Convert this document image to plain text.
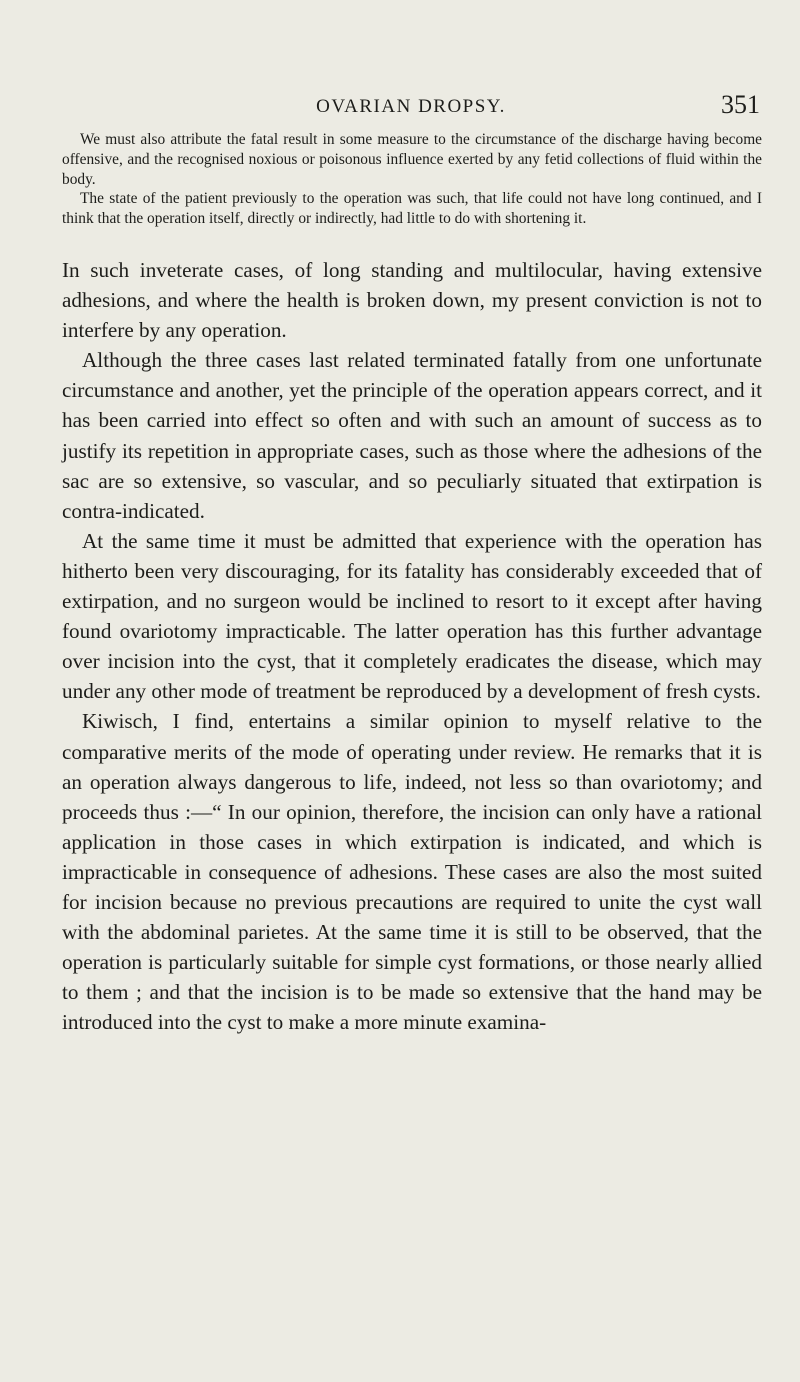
OVARIAN DROPSY.	351

We must also attribute the fatal result in some measure to the circumstance of the discharge having become offensive, and the recognised noxious or poisonous influence exerted by any fetid collections of fluid within the body.

The state of the patient previously to the operation was such, that life could not have long continued, and I think that the operation itself, directly or indirectly, had little to do with shortening it.

In such inveterate cases, of long standing and multilocular, having extensive adhesions, and where the health is broken down, my present conviction is not to interfere by any operation.

Although the three cases last related terminated fatally from one unfortunate circumstance and another, yet the principle of the operation appears correct, and it has been carried into effect so often and with such an amount of success as to justify its repetition in appropriate cases, such as those where the adhesions of the sac are so extensive, so vascular, and so peculiarly situated that extirpation is contra-indicated.

At the same time it must be admitted that experience with the operation has hitherto been very discouraging, for its fatality has considerably exceeded that of extirpation, and no surgeon would be inclined to resort to it except after having found ovariotomy impracticable. The latter operation has this further advantage over incision into the cyst, that it completely eradicates the disease, which may under any other mode of treatment be reproduced by a development of fresh cysts.

Kiwisch, I find, entertains a similar opinion to myself relative to the comparative merits of the mode of operating under review. He remarks that it is an operation always dangerous to life, indeed, not less so than ovariotomy; and proceeds thus :—“ In our opinion, therefore, the incision can only have a rational application in those cases in which extirpation is indicated, and which is impracticable in consequence of adhesions. These cases are also the most suited for incision because no previous precautions are required to unite the cyst wall with the abdominal parietes. At the same time it is still to be observed, that the operation is particularly suitable for simple cyst formations, or those nearly allied to them ; and that the incision is to be made so extensive that the hand may be introduced into the cyst to make a more minute examina-
